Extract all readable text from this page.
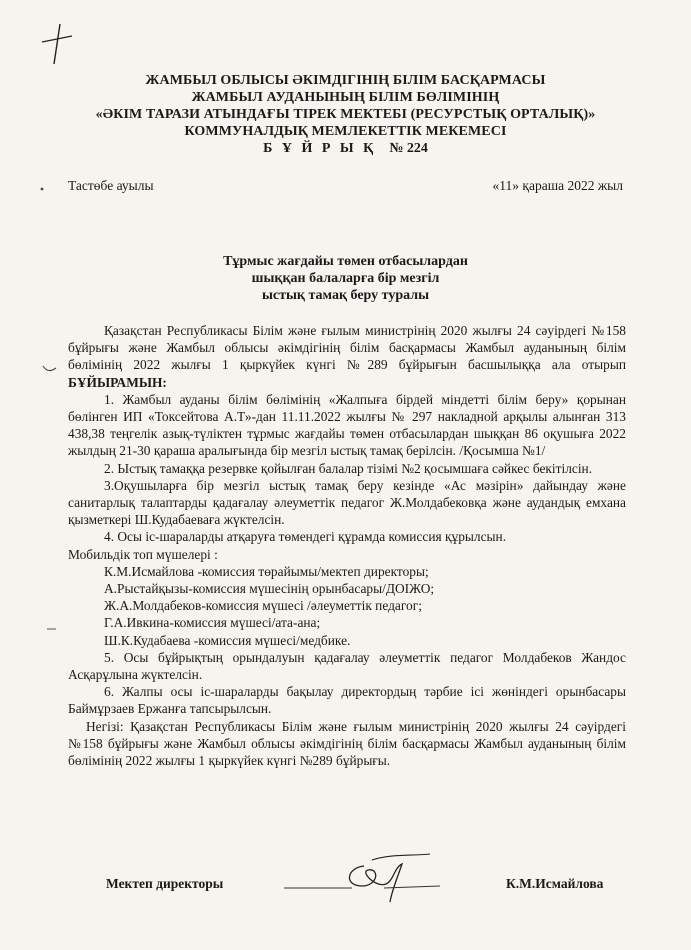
ЖАМБЫЛ ОБЛЫСЫ ӘКІМДІГІНІҢ БІЛІМ БАСҚАРМАСЫ
ЖАМБЫЛ АУДАНЫНЫҢ БІЛІМ БӨЛІМІНІҢ
«ӘКІМ ТАРАЗИ АТЫНДАҒЫ ТІРЕК МЕКТЕБІ (РЕСУРСТЫҚ ОРТАЛЫҚ)»
КОММУНАЛДЫҚ МЕМЛЕКЕТТІК МЕКЕМЕСІ
Б Ұ Й Р Ы Қ № 224
Тастөбе ауылы	«11» қараша 2022 жыл
Тұрмыс жағдайы төмен отбасылардан
шыққан балаларға бір мезгіл
ыстық тамақ беру туралы

Қазақстан Республикасы Білім және ғылым министрінің 2020 жылғы 24 сәуірдегі №158 бұйрығы және Жамбыл облысы әкімдігінің білім басқармасы Жамбыл ауданының білім бөлімінің 2022 жылғы 1 қыркүйек күнгі №289 бұйрығын басшылыққа ала отырып БҰЙЫРАМЫН:

1. Жамбыл ауданы білім бөлімінің «Жалпыға бірдей міндетті білім беру» қорынан бөлінген ИП «Токсейтова А.Т»-дан 11.11.2022 жылғы № 297 накладной арқылы алынған 313 438,38 теңгелік азық-түліктен тұрмыс жағдайы төмен отбасылардан шыққан 86 оқушыға 2022 жылдың 21-30 қараша аралығында бір мезгіл ыстық тамақ берілсін. /Қосымша №1/

2. Ыстық тамаққа резервке қойылған балалар тізімі №2 қосымшаға сәйкес бекітілсін.

3.Оқушыларға бір мезгіл ыстық тамақ беру кезінде «Ас мәзірін» дайындау және санитарлық талаптарды қадағалау әлеуметтік педагог Ж.Молдабековқа және аудандық емхана қызметкері Ш.Кудабаеваға жүктелсін.

4. Осы іс-шараларды атқаруға төмендегі құрамда комиссия құрылсын.

Мобильдік топ мүшелері :

К.М.Исмайлова -комиссия төрайымы/мектеп директоры;

А.Рыстайқызы-комиссия мүшесінің орынбасары/ДОІЖО;

Ж.А.Молдабеков-комиссия мүшесі /әлеуметтік педагог;

Г.А.Ивкина-комиссия мүшесі/ата-ана;

Ш.К.Кудабаева -комиссия мүшесі/медбике.

5. Осы бұйрықтың орындалуын қадағалау әлеуметтік педагог Молдабеков Жандос Асқарұлына жүктелсін.

6. Жалпы осы іс-шараларды бақылау директордың тәрбие ісі жөніндегі орынбасары Баймұрзаев Ержанға тапсырылсын.

Негізі: Қазақстан Республикасы Білім және ғылым министрінің 2020 жылғы 24 сәуірдегі №158 бұйрығы және Жамбыл облысы әкімдігінің білім басқармасы Жамбыл ауданының білім бөлімінің 2022 жылғы 1 қыркүйек күнгі №289 бұйрығы.

Мектеп директоры	К.М.Исмайлова
